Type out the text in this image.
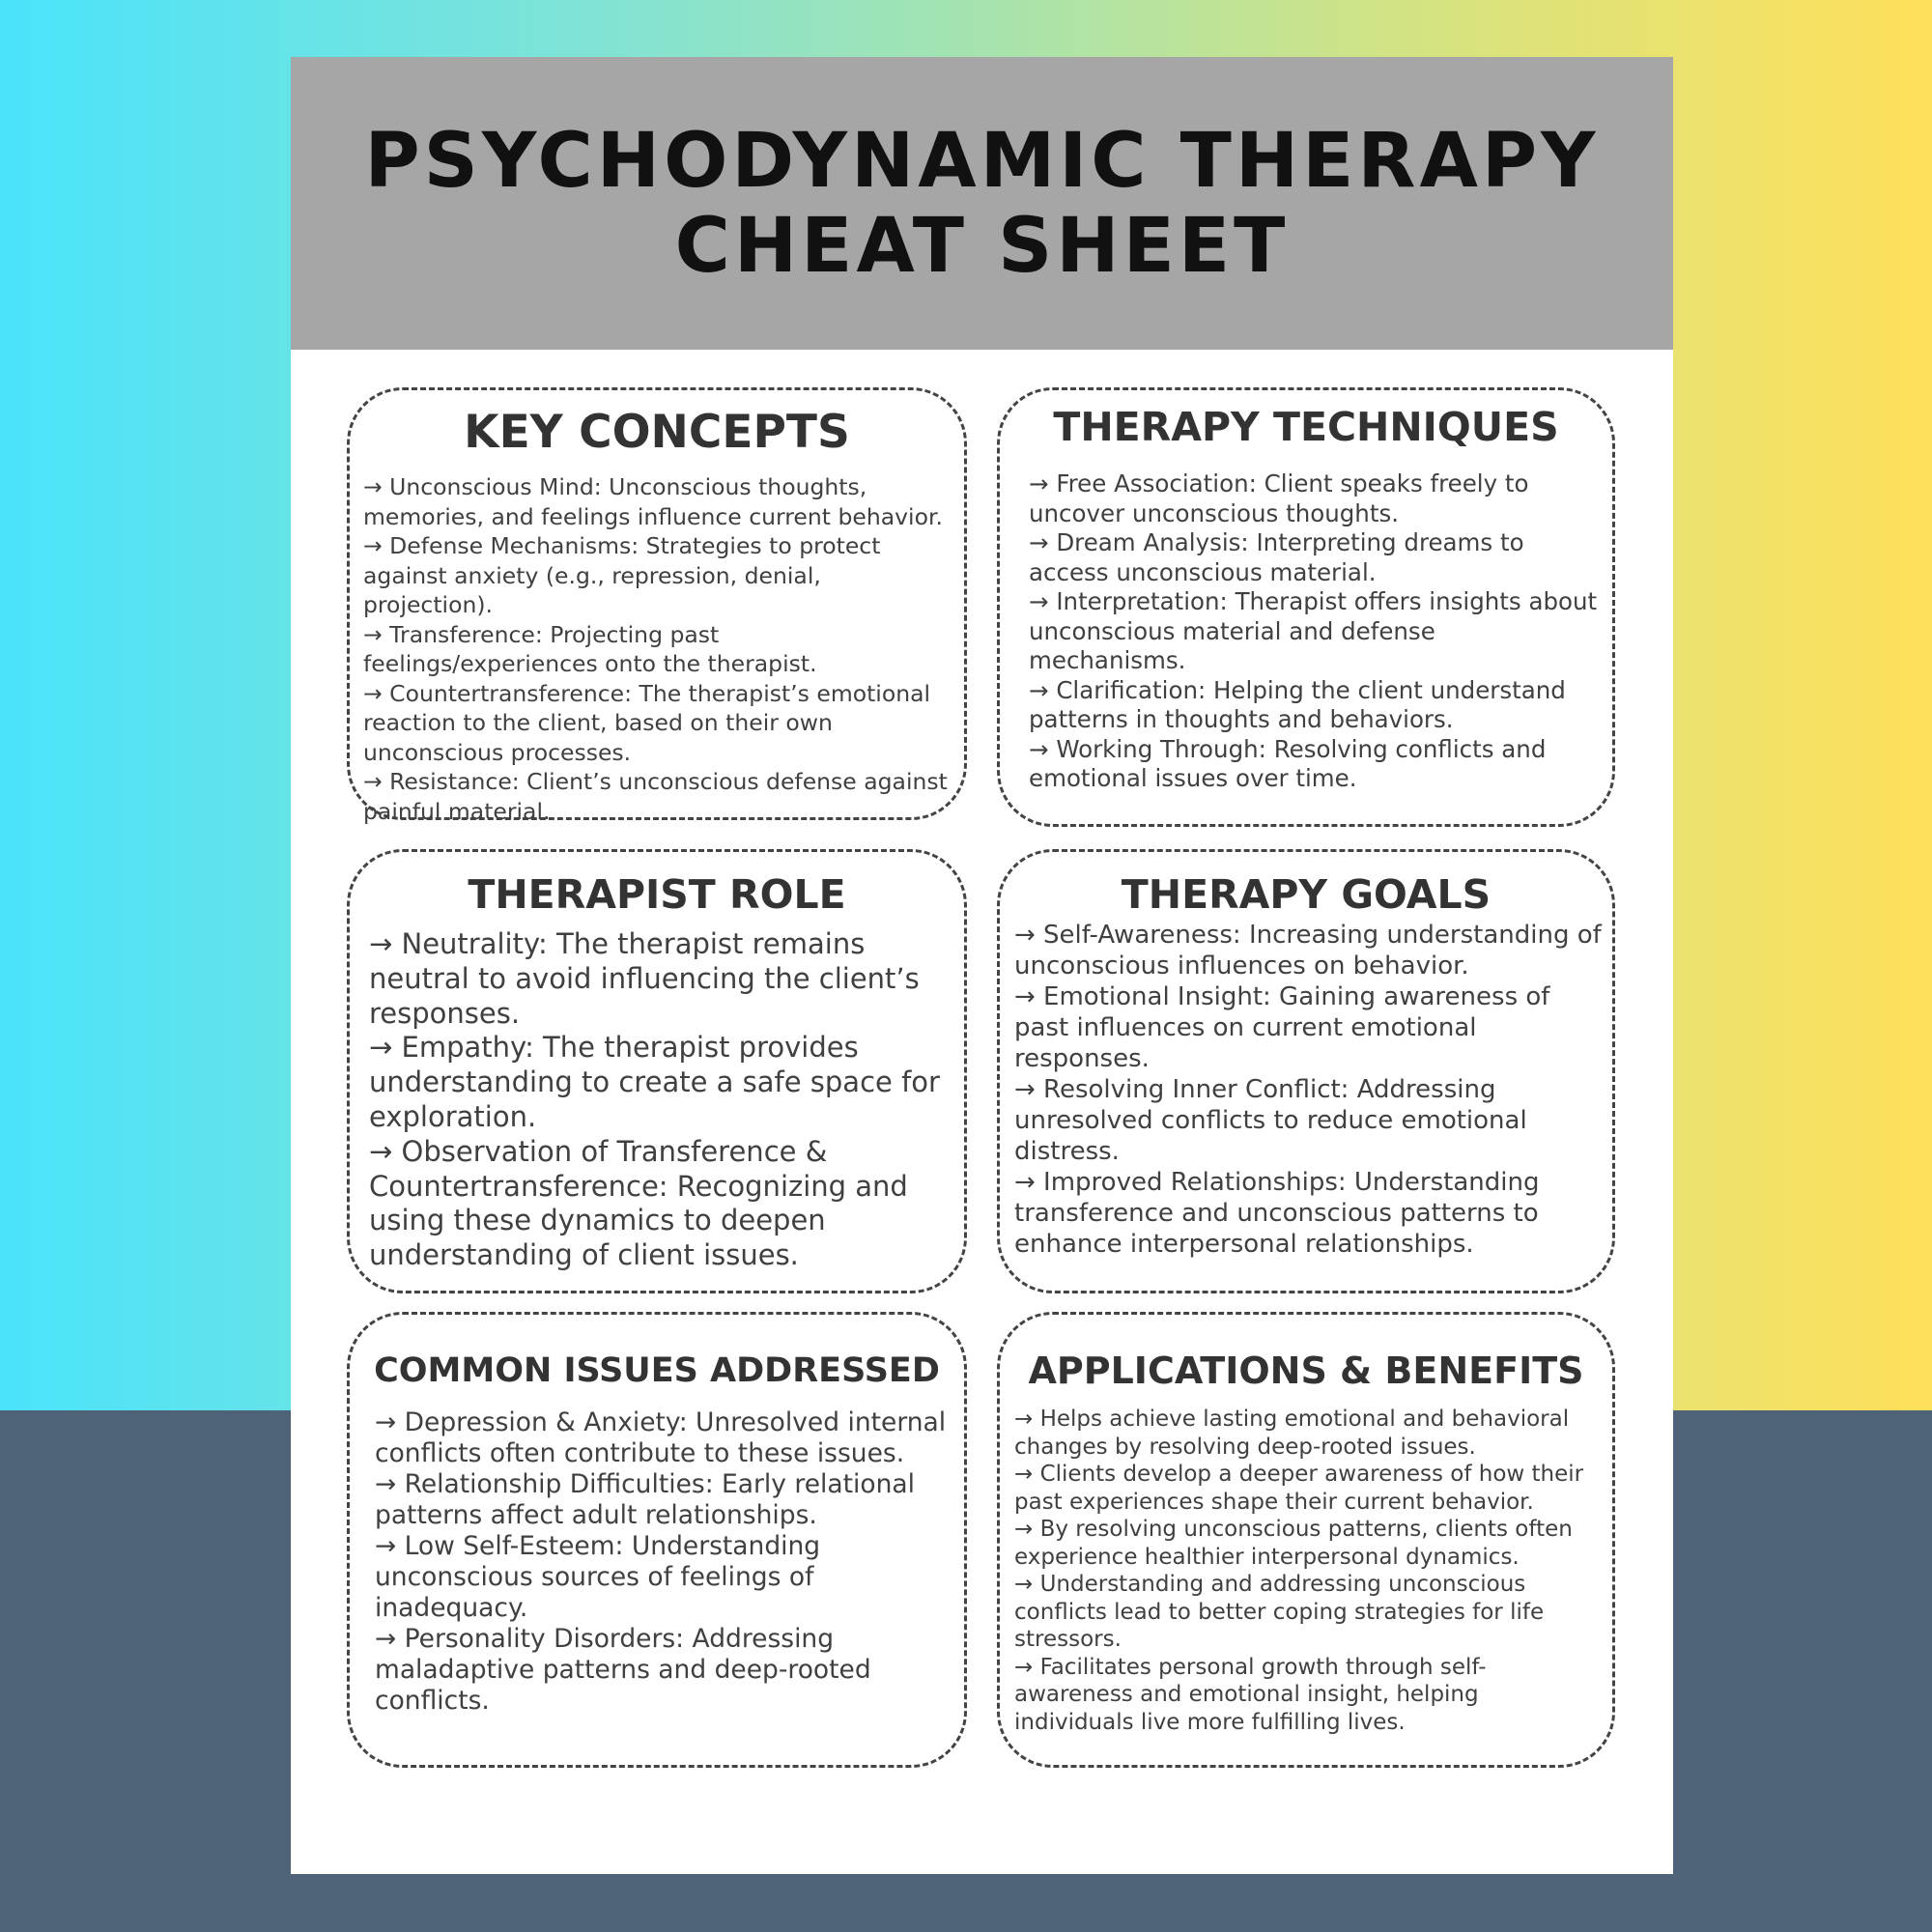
PSYCHODYNAMIC THERAPY
CHEAT SHEET
KEY CONCEPTS

→ Unconscious Mind: Unconscious thoughts, memories, and feelings influence current behavior.

→ Defense Mechanisms: Strategies to protect against anxiety (e.g., repression, denial, projection).

→ Transference: Projecting past feelings/experiences onto the therapist.

→ Countertransference: The therapist’s emotional reaction to the client, based on their own unconscious processes.

→ Resistance: Client’s unconscious defense against painful material.

THERAPY TECHNIQUES

→ Free Association: Client speaks freely to uncover unconscious thoughts.

→ Dream Analysis: Interpreting dreams to access unconscious material.

→ Interpretation: Therapist offers insights about unconscious material and defense mechanisms.

→ Clarification: Helping the client understand patterns in thoughts and behaviors.

→ Working Through: Resolving conflicts and emotional issues over time.

THERAPIST ROLE

→ Neutrality: The therapist remains neutral to avoid influencing the client’s responses.

→ Empathy: The therapist provides understanding to create a safe space for exploration.

→ Observation of Transference & Countertransference: Recognizing and using these dynamics to deepen understanding of client issues.

THERAPY GOALS

→ Self-Awareness: Increasing understanding of unconscious influences on behavior.

→ Emotional Insight: Gaining awareness of past influences on current emotional responses.

→ Resolving Inner Conflict: Addressing unresolved conflicts to reduce emotional distress.

→ Improved Relationships: Understanding transference and unconscious patterns to enhance interpersonal relationships.

COMMON ISSUES ADDRESSED

→ Depression & Anxiety: Unresolved internal conflicts often contribute to these issues.

→ Relationship Difficulties: Early relational patterns affect adult relationships.

→ Low Self-Esteem: Understanding unconscious sources of feelings of inadequacy.

→ Personality Disorders: Addressing maladaptive patterns and deep-rooted conflicts.

APPLICATIONS & BENEFITS

→ Helps achieve lasting emotional and behavioral changes by resolving deep-rooted issues.

→ Clients develop a deeper awareness of how their past experiences shape their current behavior.

→ By resolving unconscious patterns, clients often experience healthier interpersonal dynamics.

→ Understanding and addressing unconscious conflicts lead to better coping strategies for life stressors.

→ Facilitates personal growth through self-awareness and emotional insight, helping individuals live more fulfilling lives.
